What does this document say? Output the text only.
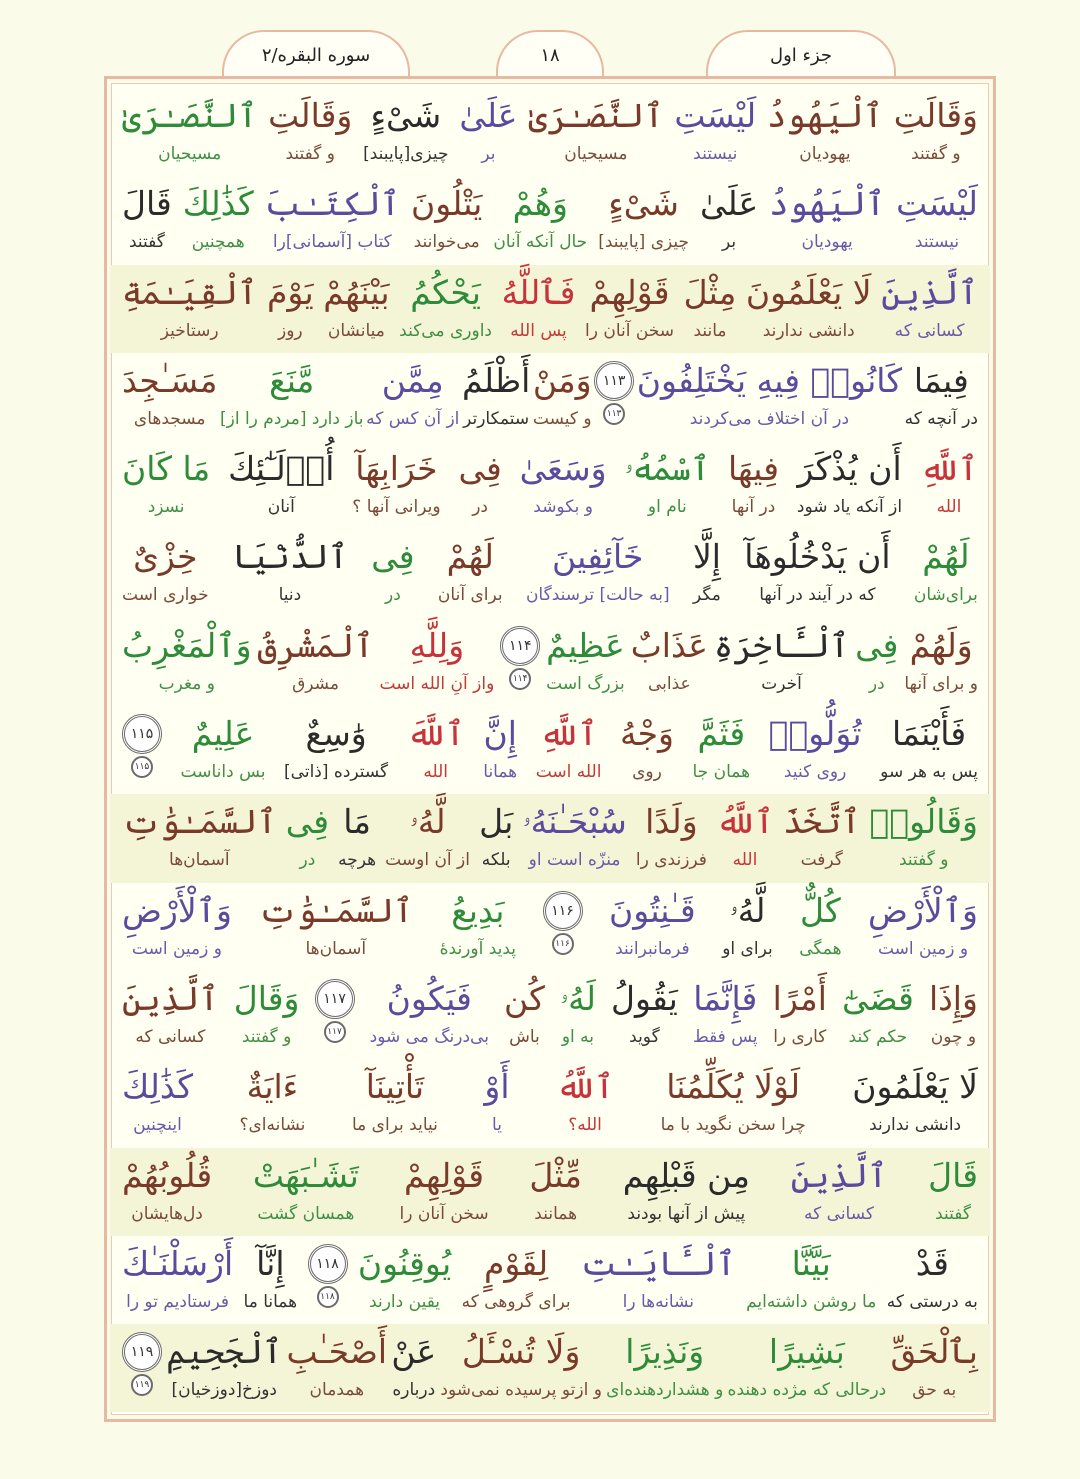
سوره البقره/۲	۱۸	جزء اول
وَقَالَتِ
و گفتند
ٱلْيَهُودُ
یهودیان
لَيْسَتِ
نیستند
ٱلنَّصَـٰرَىٰ
مسیحیان
عَلَىٰ
بر
شَىْءٍ
چیزی[پایبند]
وَقَالَتِ
و گفتند
ٱلنَّصَـٰرَىٰ
مسیحیان
لَيْسَتِ
نیستند
ٱلْيَهُودُ
یهودیان
عَلَىٰ
بر
شَىْءٍ
چیزی [پایبند]
وَهُمْ
حال آنکه آنان
يَتْلُونَ
می‌خوانند
ٱلْكِتَـٰبَ
کتاب [آسمانی]را
كَذَٰلِكَ
همچنین
قَالَ
گفتند
ٱلَّذِينَ
کسانی که
لَا يَعْلَمُونَ
دانشی ندارند
مِثْلَ
مانند
قَوْلِهِمْ
سخن آنان را
فَٱللَّهُ
پس الله
يَحْكُمُ
داوری می‌کند
بَيْنَهُمْ
میانشان
يَوْمَ
روز
ٱلْقِيَـٰمَةِ
رستاخیز
فِيمَا
در آنچه که
كَانُوا۟ فِيهِ يَخْتَلِفُونَ
در آن اختلاف می‌کردند
۱۱۳
۱۱۳
وَمَنْ
و کیست
أَظْلَمُ
ستمکارتر
مِمَّن
از آن کس که
مَّنَعَ
باز دارد [مردم را از]
مَسَـٰجِدَ
مسجدهای
ٱللَّهِ
الله
أَن يُذْكَرَ
از آنکه یاد شود
فِيهَا
در آنها
ٱسْمُهُۥ
نام او
وَسَعَىٰ
و بکوشد
فِى
در
خَرَابِهَآ
ویرانی آنها ؟
أُو۟لَـٰٓئِكَ
آنان
مَا كَانَ
نسزد
لَهُمْ
برای‌شان
أَن يَدْخُلُوهَآ
که در آیند در آنها
إِلَّا
مگر
خَآئِفِينَ
[به حالت] ترسندگان
لَهُمْ
برای آنان
فِى
در
ٱلدُّنْيَا
دنیا
خِزْىٌ
خواری است
وَلَهُمْ
و برای آنها
فِى
در
ٱلْـَٔاخِرَةِ
آخرت
عَذَابٌ
عذابی
عَظِيمٌ
بزرگ است
۱۱۴
۱۱۴
وَلِلَّهِ
واز آنِ الله است
ٱلْمَشْرِقُ
مشرق
وَٱلْمَغْرِبُ
و مغرب
فَأَيْنَمَا
پس به هر سو
تُوَلُّوا۟
روی کنید
فَثَمَّ
همان جا
وَجْهُ
روی
ٱللَّهِ
الله است
إِنَّ
همانا
ٱللَّهَ
الله
وَٰسِعٌ
گسترده [ذاتی]
عَلِيمٌ
بس داناست
۱۱۵
۱۱۵
وَقَالُوا۟
و گفتند
ٱتَّخَذَ
گرفت
ٱللَّهُ
الله
وَلَدًا
فرزندی را
سُبْحَـٰنَهُۥ
منزّه است او
بَل
بلکه
لَّهُۥ
از آن اوست
مَا
هرچه
فِى
در
ٱلسَّمَـٰوَٰتِ
آسمان‌ها
وَٱلْأَرْضِ
و زمین است
كُلٌّ
همگی
لَّهُۥ
برای او
قَـٰنِتُونَ
فرمانبرانند
۱۱۶
۱۱۶
بَدِيعُ
پدید آورندهٔ
ٱلسَّمَـٰوَٰتِ
آسمان‌ها
وَٱلْأَرْضِ
و زمین است
وَإِذَا
و چون
قَضَىٰٓ
حکم کند
أَمْرًا
کاری را
فَإِنَّمَا
پس فقط
يَقُولُ
گوید
لَهُۥ
به او
كُن
باش
فَيَكُونُ
بی‌درنگ می شود
۱۱۷
۱۱۷
وَقَالَ
و گفتند
ٱلَّذِينَ
کسانی که
لَا يَعْلَمُونَ
دانشی ندارند
لَوْلَا يُكَلِّمُنَا
چرا سخن نگوید با ما
ٱللَّهُ
الله؟
أَوْ
یا
تَأْتِينَآ
نیاید برای ما
ءَايَةٌ
نشانه‌ای؟
كَذَٰلِكَ
اینچنین
قَالَ
گفتند
ٱلَّذِينَ
کسانی که
مِن قَبْلِهِم
پیش از آنها بودند
مِّثْلَ
همانند
قَوْلِهِمْ
سخن آنان را
تَشَـٰبَهَتْ
همسان گشت
قُلُوبُهُمْ
دل‌هایشان
قَدْ
به درستی که
بَيَّنَّا
ما روشن داشته‌ایم
ٱلْـَٔايَـٰتِ
نشانه‌ها را
لِقَوْمٍ
برای گروهی که
يُوقِنُونَ
یقین دارند
۱۱۸
۱۱۸
إِنَّآ
همانا ما
أَرْسَلْنَـٰكَ
فرستادیم تو را
بِٱلْحَقِّ
به حق
بَشِيرًا
درحالی که مژده دهنده
وَنَذِيرًا
و هشداردهنده‌ای
وَلَا تُسْـَٔلُ
و ازتو پرسیده نمی‌شود
عَنْ
درباره
أَصْحَـٰبِ
همدمان
ٱلْجَحِيمِ
دوزخ[دوزخیان]
۱۱۹
۱۱۹
